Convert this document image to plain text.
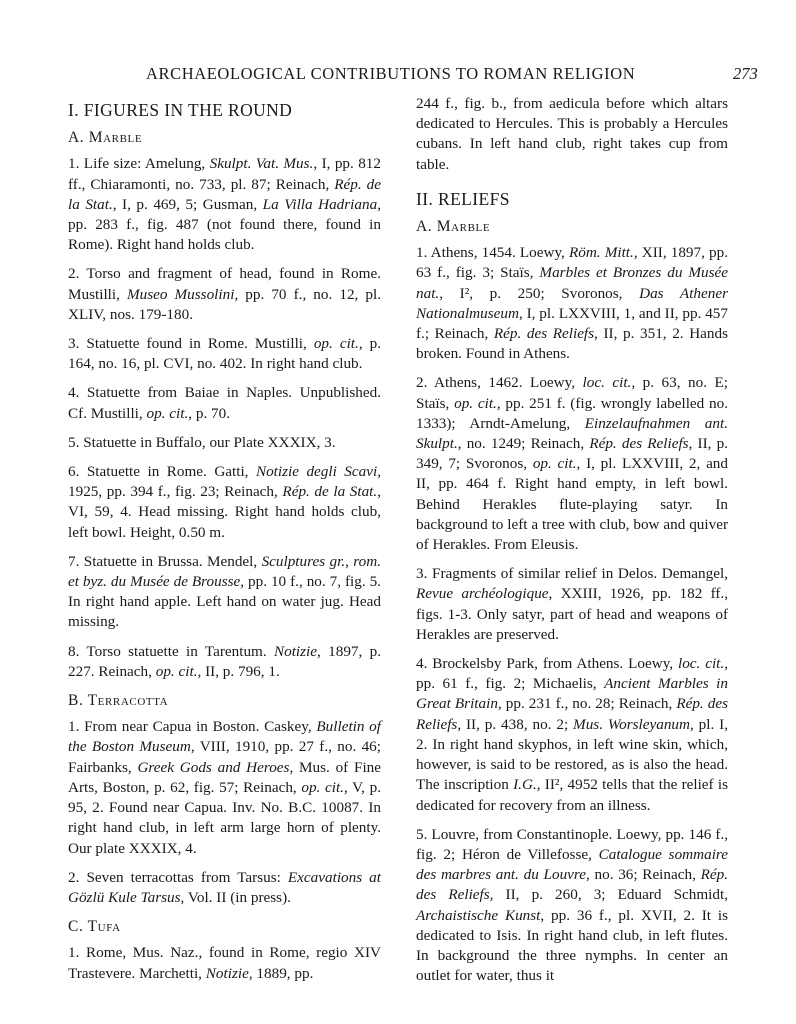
ARCHAEOLOGICAL CONTRIBUTIONS TO ROMAN RELIGION	273
I. FIGURES IN THE ROUND
A. Marble

1. Life size: Amelung, Skulpt. Vat. Mus., I, pp. 812 ff., Chiaramonti, no. 733, pl. 87; Reinach, Rép. de la Stat., I, p. 469, 5; Gusman, La Villa Hadriana, pp. 283 f., fig. 487 (not found there, found in Rome). Right hand holds club.

2. Torso and fragment of head, found in Rome. Mustilli, Museo Mussolini, pp. 70 f., no. 12, pl. XLIV, nos. 179-180.

3. Statuette found in Rome. Mustilli, op. cit., p. 164, no. 16, pl. CVI, no. 402. In right hand club.

4. Statuette from Baiae in Naples. Unpublished. Cf. Mustilli, op. cit., p. 70.

5. Statuette in Buffalo, our Plate XXXIX, 3.

6. Statuette in Rome. Gatti, Notizie degli Scavi, 1925, pp. 394 f., fig. 23; Reinach, Rép. de la Stat., VI, 59, 4. Head missing. Right hand holds club, left bowl. Height, 0.50 m.

7. Statuette in Brussa. Mendel, Sculptures gr., rom. et byz. du Musée de Brousse, pp. 10 f., no. 7, fig. 5. In right hand apple. Left hand on water jug. Head missing.

8. Torso statuette in Tarentum. Notizie, 1897, p. 227. Reinach, op. cit., II, p. 796, 1.

B. Terracotta

1. From near Capua in Boston. Caskey, Bulletin of the Boston Museum, VIII, 1910, pp. 27 f., no. 46; Fairbanks, Greek Gods and Heroes, Mus. of Fine Arts, Boston, p. 62, fig. 57; Reinach, op. cit., V, p. 95, 2. Found near Capua. Inv. No. B.C. 10087. In right hand club, in left arm large horn of plenty. Our plate XXXIX, 4.

2. Seven terracottas from Tarsus: Excavations at Gözlü Kule Tarsus, Vol. II (in press).

C. Tufa

1. Rome, Mus. Naz., found in Rome, regio XIV Trastevere. Marchetti, Notizie, 1889, pp.

244 f., fig. b., from aedicula before which altars dedicated to Hercules. This is probably a Hercules cubans. In left hand club, right takes cup from table.
II. RELIEFS
A. Marble

1. Athens, 1454. Loewy, Röm. Mitt., XII, 1897, pp. 63 f., fig. 3; Staïs, Marbles et Bronzes du Musée nat., I², p. 250; Svoronos, Das Athener Nationalmuseum, I, pl. LXXVIII, 1, and II, pp. 457 f.; Reinach, Rép. des Reliefs, II, p. 351, 2. Hands broken. Found in Athens.

2. Athens, 1462. Loewy, loc. cit., p. 63, no. E; Staïs, op. cit., pp. 251 f. (fig. wrongly labelled no. 1333); Arndt-Amelung, Einzelaufnahmen ant. Skulpt., no. 1249; Reinach, Rép. des Reliefs, II, p. 349, 7; Svoronos, op. cit., I, pl. LXXVIII, 2, and II, pp. 464 f. Right hand empty, in left bowl. Behind Herakles flute-playing satyr. In background to left a tree with club, bow and quiver of Herakles. From Eleusis.

3. Fragments of similar relief in Delos. Demangel, Revue archéologique, XXIII, 1926, pp. 182 ff., figs. 1-3. Only satyr, part of head and weapons of Herakles are preserved.

4. Brockelsby Park, from Athens. Loewy, loc. cit., pp. 61 f., fig. 2; Michaelis, Ancient Marbles in Great Britain, pp. 231 f., no. 28; Reinach, Rép. des Reliefs, II, p. 438, no. 2; Mus. Worsleyanum, pl. I, 2. In right hand skyphos, in left wine skin, which, however, is said to be restored, as is also the head. The inscription I.G., II², 4952 tells that the relief is dedicated for recovery from an illness.

5. Louvre, from Constantinople. Loewy, pp. 146 f., fig. 2; Héron de Villefosse, Catalogue sommaire des marbres ant. du Louvre, no. 36; Reinach, Rép. des Reliefs, II, p. 260, 3; Eduard Schmidt, Archaistische Kunst, pp. 36 f., pl. XVII, 2. It is dedicated to Isis. In right hand club, in left flutes. In background the three nymphs. In center an outlet for water, thus it
